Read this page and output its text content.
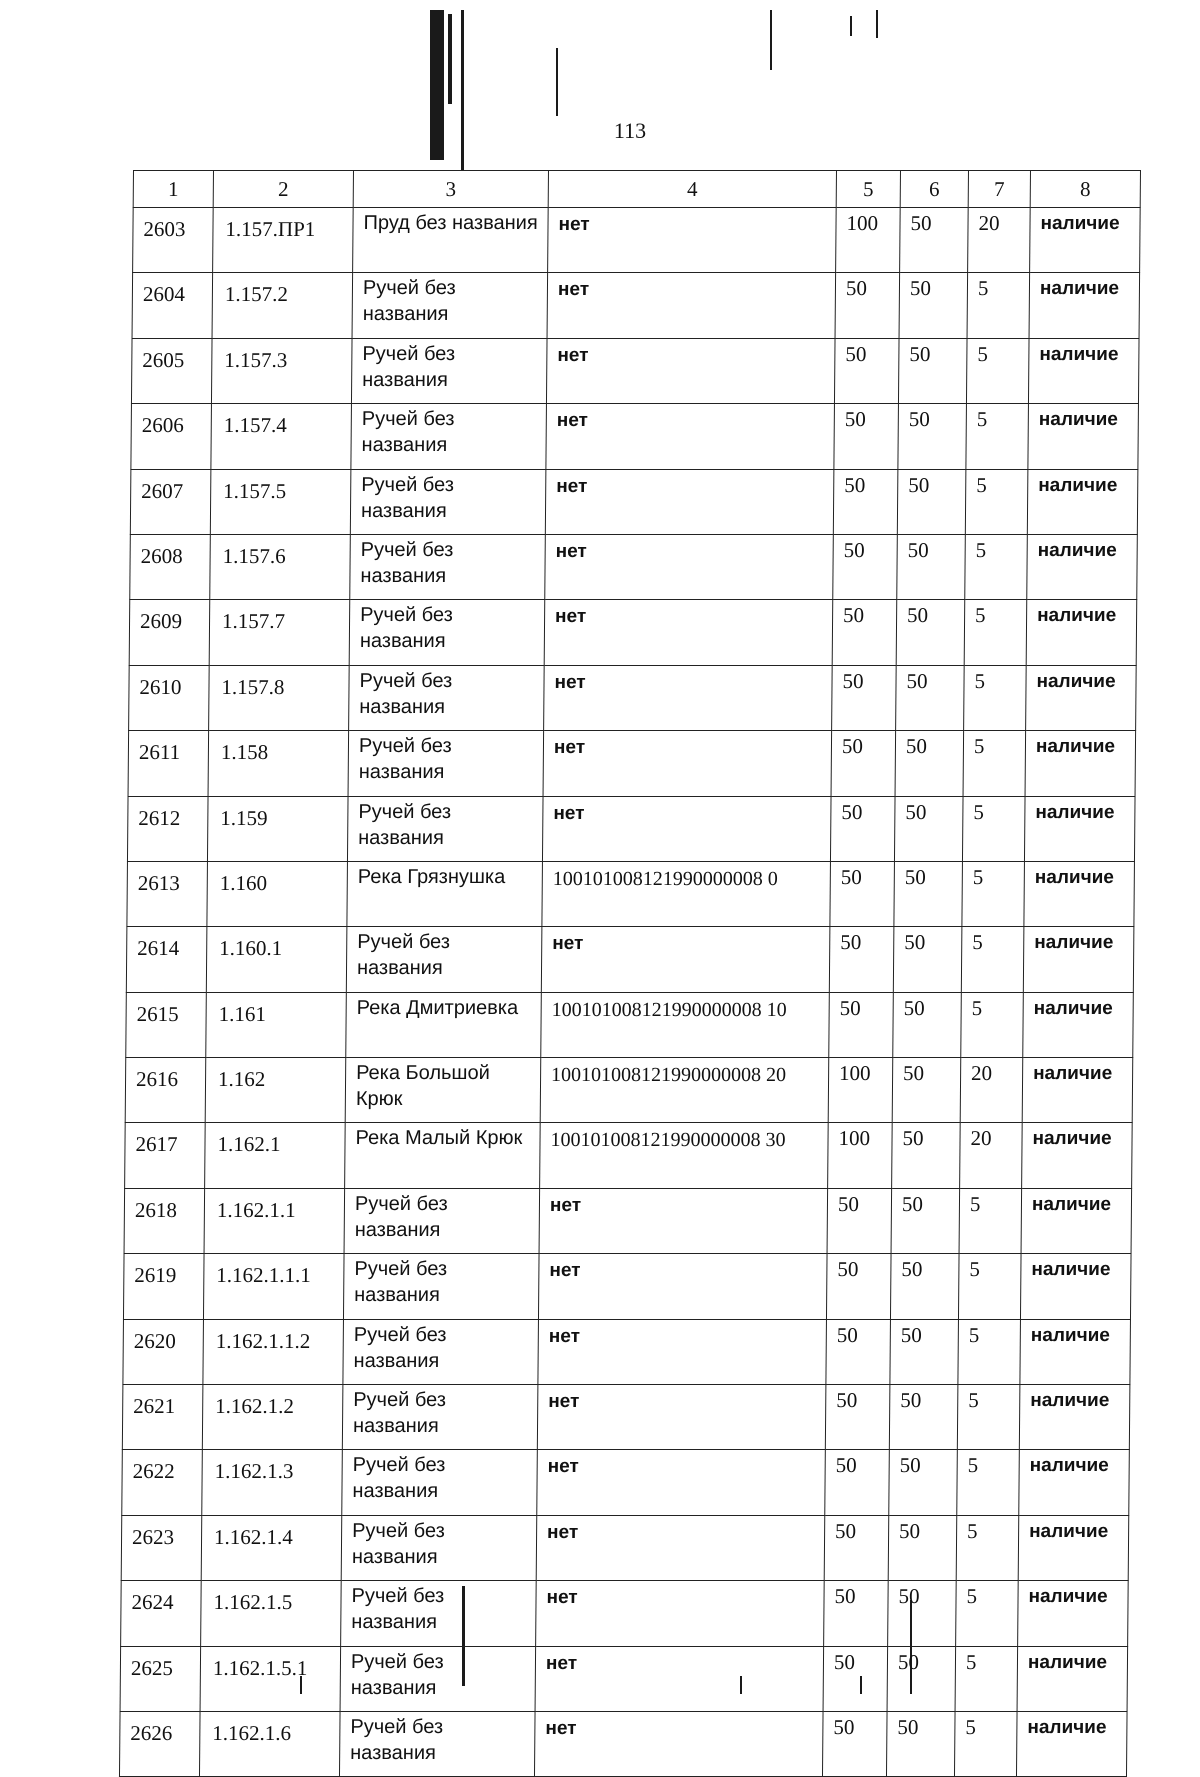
113
1	2	3	4	5	6	7	8
2603	1.157.ПР1	Пруд без названия	нет	100	50	20	наличие
2604	1.157.2	Ручей без названия	нет	50	50	5	наличие
2605	1.157.3	Ручей без названия	нет	50	50	5	наличие
2606	1.157.4	Ручей без названия	нет	50	50	5	наличие
2607	1.157.5	Ручей без названия	нет	50	50	5	наличие
2608	1.157.6	Ручей без названия	нет	50	50	5	наличие
2609	1.157.7	Ручей без названия	нет	50	50	5	наличие
2610	1.157.8	Ручей без названия	нет	50	50	5	наличие
2611	1.158	Ручей без названия	нет	50	50	5	наличие
2612	1.159	Ручей без названия	нет	50	50	5	наличие
2613	1.160	Река Грязнушка	100101008121990000008 0	50	50	5	наличие
2614	1.160.1	Ручей без названия	нет	50	50	5	наличие
2615	1.161	Река Дмитриевка	100101008121990000008 10	50	50	5	наличие
2616	1.162	Река Большой Крюк	100101008121990000008 20	100	50	20	наличие
2617	1.162.1	Река Малый Крюк	100101008121990000008 30	100	50	20	наличие
2618	1.162.1.1	Ручей без названия	нет	50	50	5	наличие
2619	1.162.1.1.1	Ручей без названия	нет	50	50	5	наличие
2620	1.162.1.1.2	Ручей без названия	нет	50	50	5	наличие
2621	1.162.1.2	Ручей без названия	нет	50	50	5	наличие
2622	1.162.1.3	Ручей без названия	нет	50	50	5	наличие
2623	1.162.1.4	Ручей без названия	нет	50	50	5	наличие
2624	1.162.1.5	Ручей без названия	нет	50	50	5	наличие
2625	1.162.1.5.1	Ручей без названия	нет	50	50	5	наличие
2626	1.162.1.6	Ручей без названия	нет	50	50	5	наличие
